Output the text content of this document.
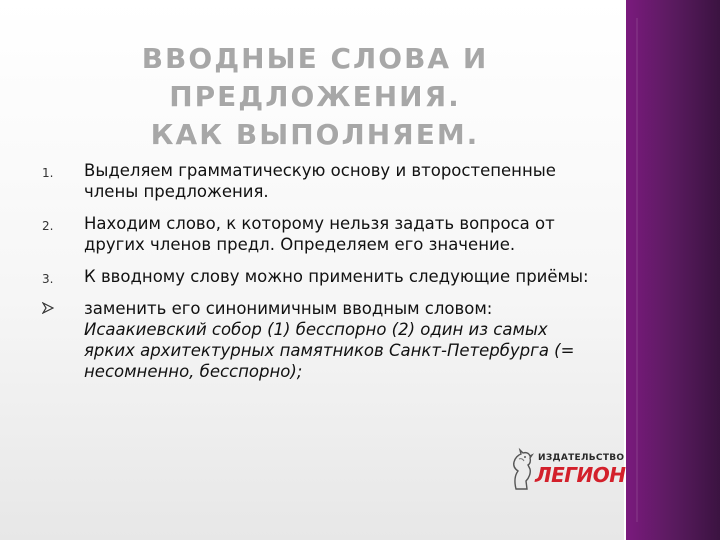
ВВОДНЫЕ СЛОВА И ПРЕДЛОЖЕНИЯ.
КАК ВЫПОЛНЯЕМ.
1. Выделяем грамматическую основу и второстепенные члены предложения.
2. Находим слово, к которому нельзя задать вопроса от других членов предл. Определяем его значение.
3. К вводному слову можно применить следующие приёмы:
заменить его синонимичным вводным словом:
Исаакиевский собор (1) бесспорно (2) один из самых ярких архитектурных памятников Санкт-Петербурга (= несомненно, бесспорно);
ИЗДАТЕЛЬСТВО
ЛЕГИОН
